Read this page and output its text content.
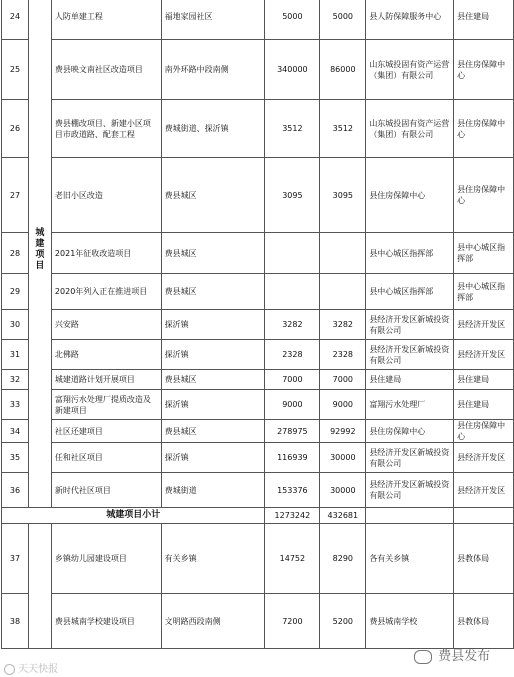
24	城建项目	人防单建工程	福地家园社区	5000	5000	县人防保障服务中心	县住建局
25		费县映文南社区改造项目	南外环路中段南侧	340000	86000	山东城投固有资产运营（集团）有限公司	县住房保障中心
26		费县棚改项目、新建小区项目市政道路、配套工程	费城街道、探沂镇	3512	3512	山东城投固有资产运营（集团）有限公司	县住房保障中心
27		老旧小区改造	费县城区	3095	3095	县住房保障中心	县住房保障中心
28		2021年征收改造项目	费县城区			县中心城区指挥部	县中心城区指挥部
29		2020年列入正在推进项目	费县城区			县中心城区指挥部	县中心城区指挥部
30		兴安路	探沂镇	3282	3282	县经济开发区新城投资有限公司	县经济开发区
31		北佛路	探沂镇	2328	2328	县经济开发区新城投资有限公司	县经济开发区
32		城建道路计划开展项目	费县城区	7000	7000	县住建局	县住建局
33		富翔污水处理厂提质改造及新建项目	探沂镇	9000	9000	富翔污水处理厂	县住建局
34		社区还建项目	费县城区	278975	92992	县住房保障中心	县住房保障中心
35		任和社区项目	探沂镇	116939	30000	县经济开发区新城投资有限公司	县经济开发区
36		新时代社区项目	费城街道	153376	30000	县经济开发区新城投资有限公司	县经济开发区
城建项目小计				1273242	432681		
37		乡镇幼儿园建设项目	有关乡镇	14752	8290	各有关乡镇	县教体局
38		费县城南学校建设项目	文明路西段南侧	7200	5200	费县城南学校	县教体局
天天快报
费县发布
